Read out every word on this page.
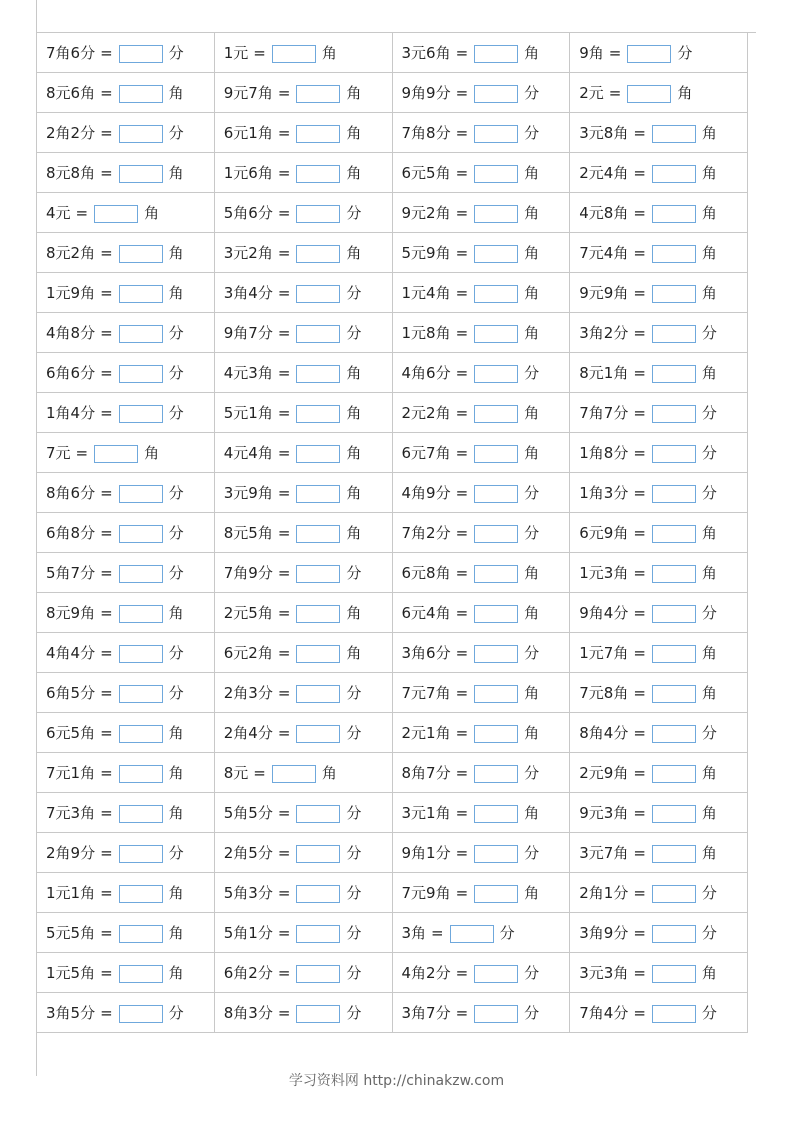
7角6分 = 分	1元 = 角	3元6角 = 角	9角 = 分
8元6角 = 角	9元7角 = 角	9角9分 = 分	2元 = 角
2角2分 = 分	6元1角 = 角	7角8分 = 分	3元8角 = 角
8元8角 = 角	1元6角 = 角	6元5角 = 角	2元4角 = 角
4元 = 角	5角6分 = 分	9元2角 = 角	4元8角 = 角
8元2角 = 角	3元2角 = 角	5元9角 = 角	7元4角 = 角
1元9角 = 角	3角4分 = 分	1元4角 = 角	9元9角 = 角
4角8分 = 分	9角7分 = 分	1元8角 = 角	3角2分 = 分
6角6分 = 分	4元3角 = 角	4角6分 = 分	8元1角 = 角
1角4分 = 分	5元1角 = 角	2元2角 = 角	7角7分 = 分
7元 = 角	4元4角 = 角	6元7角 = 角	1角8分 = 分
8角6分 = 分	3元9角 = 角	4角9分 = 分	1角3分 = 分
6角8分 = 分	8元5角 = 角	7角2分 = 分	6元9角 = 角
5角7分 = 分	7角9分 = 分	6元8角 = 角	1元3角 = 角
8元9角 = 角	2元5角 = 角	6元4角 = 角	9角4分 = 分
4角4分 = 分	6元2角 = 角	3角6分 = 分	1元7角 = 角
6角5分 = 分	2角3分 = 分	7元7角 = 角	7元8角 = 角
6元5角 = 角	2角4分 = 分	2元1角 = 角	8角4分 = 分
7元1角 = 角	8元 = 角	8角7分 = 分	2元9角 = 角
7元3角 = 角	5角5分 = 分	3元1角 = 角	9元3角 = 角
2角9分 = 分	2角5分 = 分	9角1分 = 分	3元7角 = 角
1元1角 = 角	5角3分 = 分	7元9角 = 角	2角1分 = 分
5元5角 = 角	5角1分 = 分	3角 = 分	3角9分 = 分
1元5角 = 角	6角2分 = 分	4角2分 = 分	3元3角 = 角
3角5分 = 分	8角3分 = 分	3角7分 = 分	7角4分 = 分
学习资料网 http://chinakzw.com
